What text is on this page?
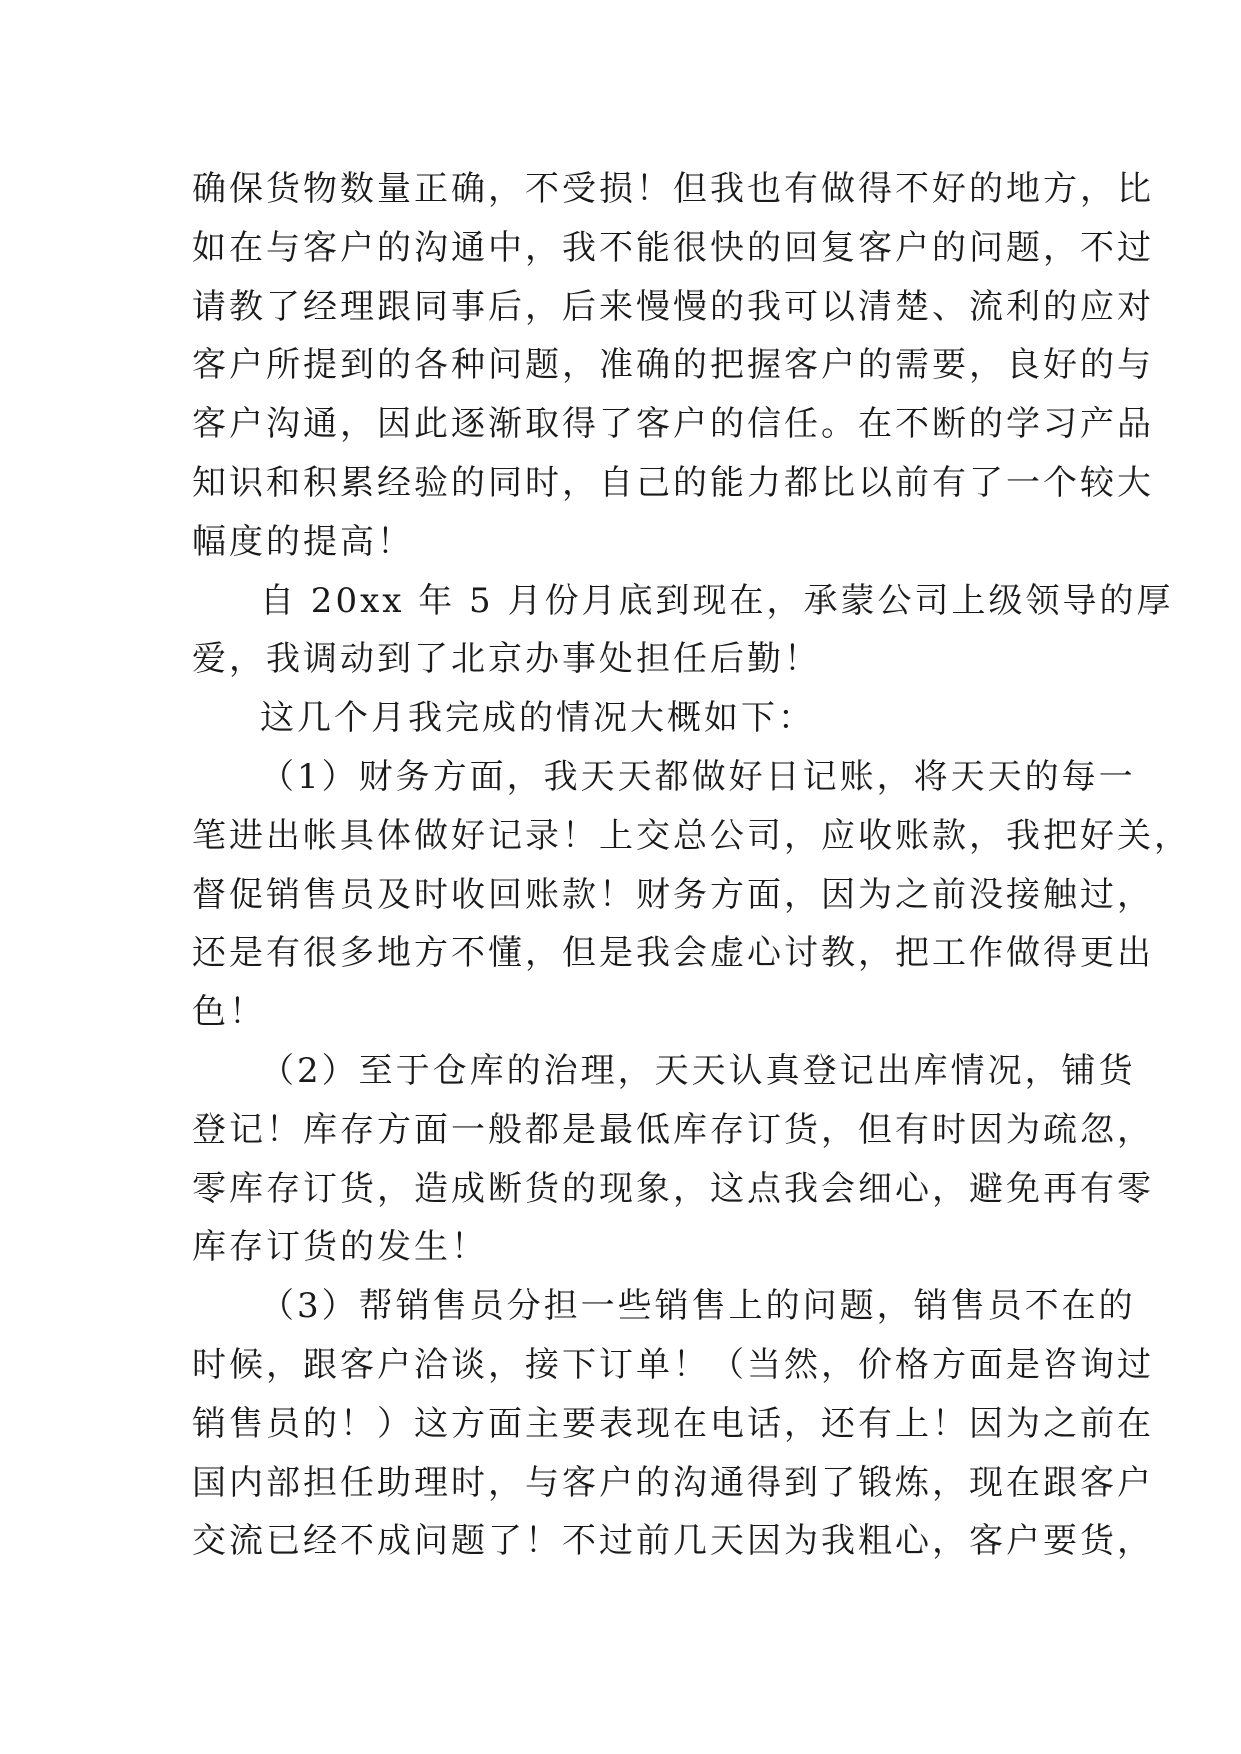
确保货物数量正确，不受损！但我也有做得不好的地方，比
如在与客户的沟通中，我不能很快的回复客户的问题，不过
请教了经理跟同事后，后来慢慢的我可以清楚、流利的应对
客户所提到的各种问题，准确的把握客户的需要，良好的与
客户沟通，因此逐渐取得了客户的信任。在不断的学习产品
知识和积累经验的同时，自己的能力都比以前有了一个较大
幅度的提高！
自 20xx 年 5 月份月底到现在，承蒙公司上级领导的厚
爱，我调动到了北京办事处担任后勤！
这几个月我完成的情况大概如下：
（1）财务方面，我天天都做好日记账，将天天的每一
笔进出帐具体做好记录！上交总公司，应收账款，我把好关，
督促销售员及时收回账款！财务方面，因为之前没接触过，
还是有很多地方不懂，但是我会虚心讨教，把工作做得更出
色！
（2）至于仓库的治理，天天认真登记出库情况，铺货
登记！库存方面一般都是最低库存订货，但有时因为疏忽，
零库存订货，造成断货的现象，这点我会细心，避免再有零
库存订货的发生！
（3）帮销售员分担一些销售上的问题，销售员不在的
时候，跟客户洽谈，接下订单！（当然，价格方面是咨询过
销售员的！）这方面主要表现在电话，还有上！因为之前在
国内部担任助理时，与客户的沟通得到了锻炼，现在跟客户
交流已经不成问题了！不过前几天因为我粗心，客户要货，
